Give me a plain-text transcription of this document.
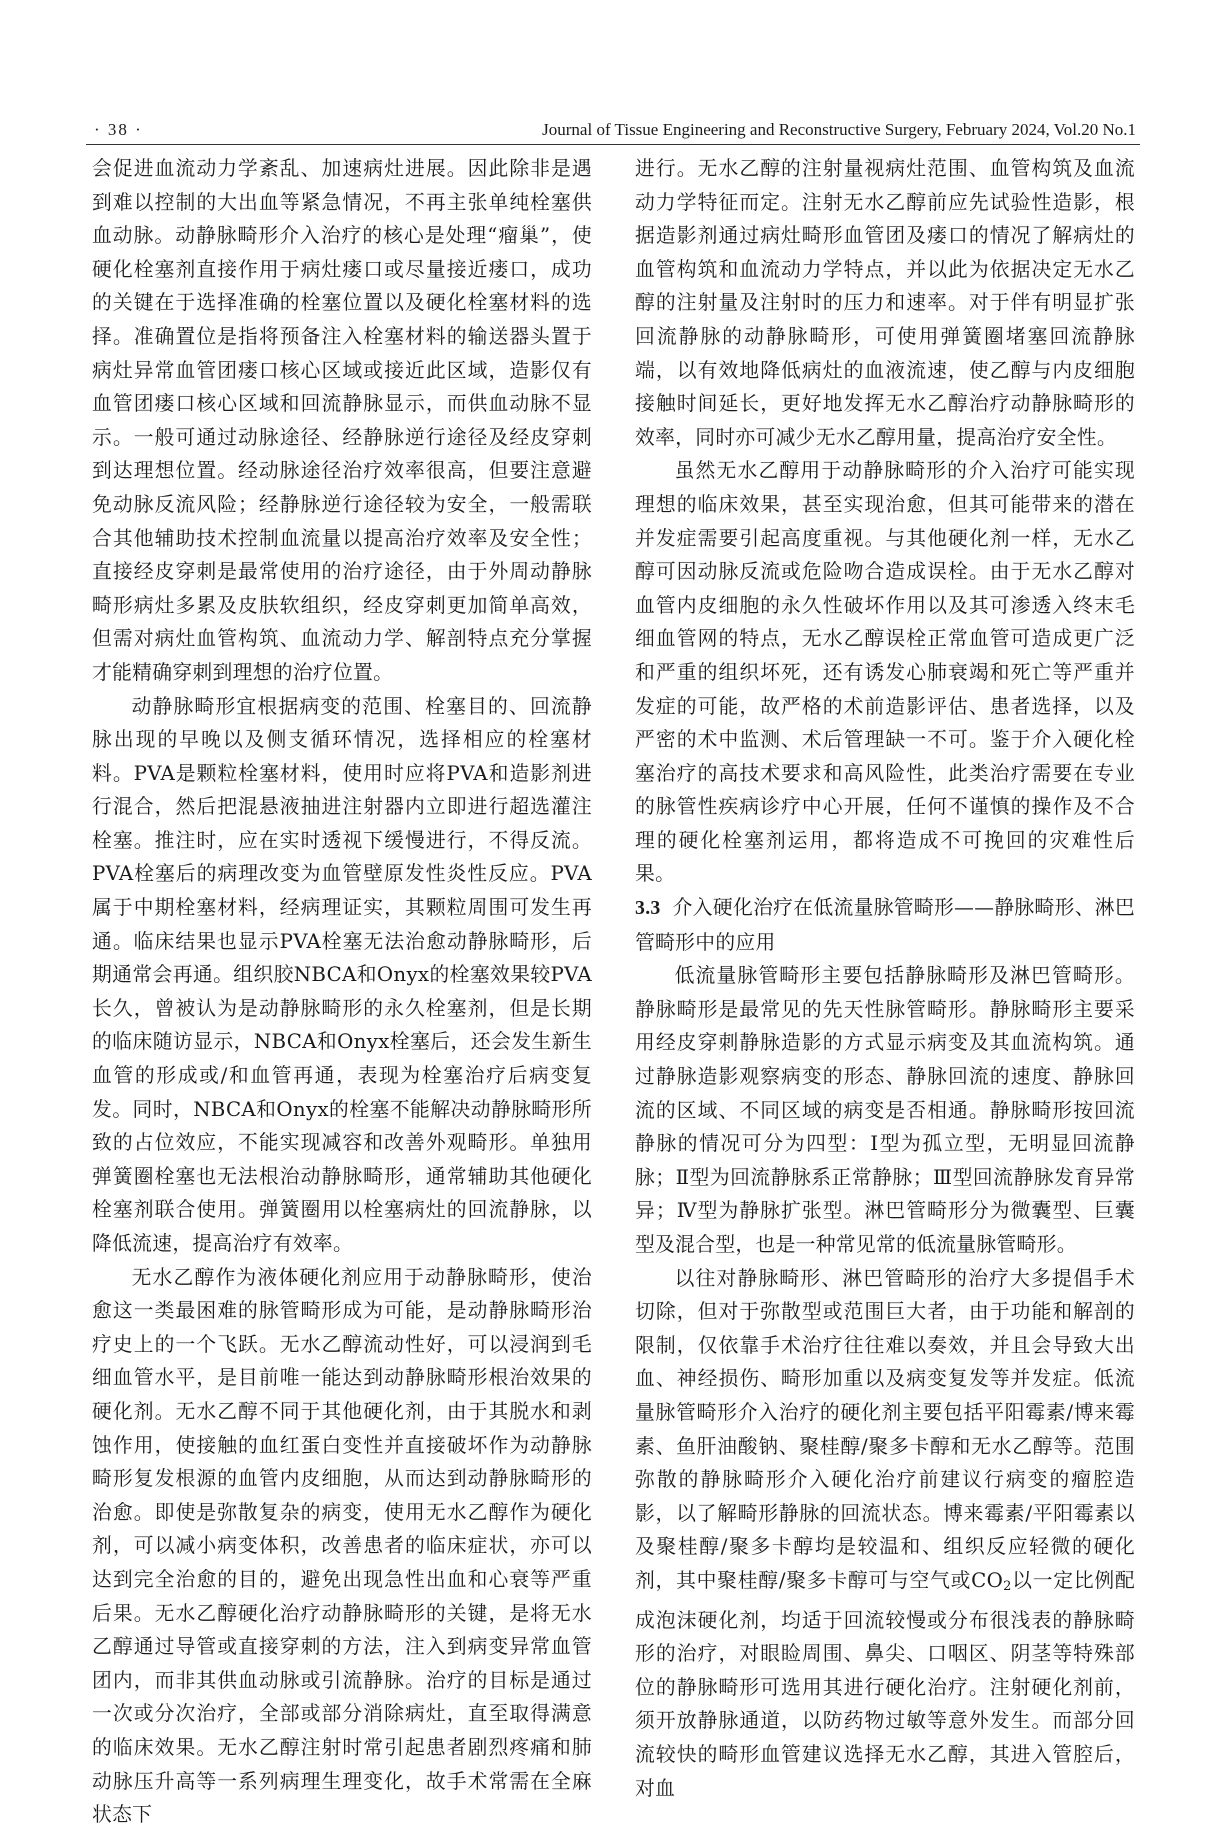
· 38 ·	Journal of Tissue Engineering and Reconstructive Surgery, February 2024, Vol.20 No.1

会促进血流动力学紊乱、加速病灶进展。因此除非是遇到难以控制的大出血等紧急情况，不再主张单纯栓塞供血动脉。动静脉畸形介入治疗的核心是处理“瘤巢”，使硬化栓塞剂直接作用于病灶瘘口或尽量接近瘘口，成功的关键在于选择准确的栓塞位置以及硬化栓塞材料的选择。准确置位是指将预备注入栓塞材料的输送器头置于病灶异常血管团瘘口核心区域或接近此区域，造影仅有血管团瘘口核心区域和回流静脉显示，而供血动脉不显示。一般可通过动脉途径、经静脉逆行途径及经皮穿刺到达理想位置。经动脉途径治疗效率很高，但要注意避免动脉反流风险；经静脉逆行途径较为安全，一般需联合其他辅助技术控制血流量以提高治疗效率及安全性；直接经皮穿刺是最常使用的治疗途径，由于外周动静脉畸形病灶多累及皮肤软组织，经皮穿刺更加简单高效，但需对病灶血管构筑、血流动力学、解剖特点充分掌握才能精确穿刺到理想的治疗位置。

动静脉畸形宜根据病变的范围、栓塞目的、回流静脉出现的早晚以及侧支循环情况，选择相应的栓塞材料。PVA是颗粒栓塞材料，使用时应将PVA和造影剂进行混合，然后把混悬液抽进注射器内立即进行超选灌注栓塞。推注时，应在实时透视下缓慢进行，不得反流。PVA栓塞后的病理改变为血管壁原发性炎性反应。PVA属于中期栓塞材料，经病理证实，其颗粒周围可发生再通。临床结果也显示PVA栓塞无法治愈动静脉畸形，后期通常会再通。组织胶NBCA和Onyx的栓塞效果较PVA长久，曾被认为是动静脉畸形的永久栓塞剂，但是长期的临床随访显示，NBCA和Onyx栓塞后，还会发生新生血管的形成或/和血管再通，表现为栓塞治疗后病变复发。同时，NBCA和Onyx的栓塞不能解决动静脉畸形所致的占位效应，不能实现减容和改善外观畸形。单独用弹簧圈栓塞也无法根治动静脉畸形，通常辅助其他硬化栓塞剂联合使用。弹簧圈用以栓塞病灶的回流静脉，以降低流速，提高治疗有效率。

无水乙醇作为液体硬化剂应用于动静脉畸形，使治愈这一类最困难的脉管畸形成为可能，是动静脉畸形治疗史上的一个飞跃。无水乙醇流动性好，可以浸润到毛细血管水平，是目前唯一能达到动静脉畸形根治效果的硬化剂。无水乙醇不同于其他硬化剂，由于其脱水和剥蚀作用，使接触的血红蛋白变性并直接破坏作为动静脉畸形复发根源的血管内皮细胞，从而达到动静脉畸形的治愈。即使是弥散复杂的病变，使用无水乙醇作为硬化剂，可以减小病变体积，改善患者的临床症状，亦可以达到完全治愈的目的，避免出现急性出血和心衰等严重后果。无水乙醇硬化治疗动静脉畸形的关键，是将无水乙醇通过导管或直接穿刺的方法，注入到病变异常血管团内，而非其供血动脉或引流静脉。治疗的目标是通过一次或分次治疗，全部或部分消除病灶，直至取得满意的临床效果。无水乙醇注射时常引起患者剧烈疼痛和肺动脉压升高等一系列病理生理变化，故手术常需在全麻状态下

进行。无水乙醇的注射量视病灶范围、血管构筑及血流动力学特征而定。注射无水乙醇前应先试验性造影，根据造影剂通过病灶畸形血管团及瘘口的情况了解病灶的血管构筑和血流动力学特点，并以此为依据决定无水乙醇的注射量及注射时的压力和速率。对于伴有明显扩张回流静脉的动静脉畸形，可使用弹簧圈堵塞回流静脉端，以有效地降低病灶的血液流速，使乙醇与内皮细胞接触时间延长，更好地发挥无水乙醇治疗动静脉畸形的效率，同时亦可减少无水乙醇用量，提高治疗安全性。

虽然无水乙醇用于动静脉畸形的介入治疗可能实现理想的临床效果，甚至实现治愈，但其可能带来的潜在并发症需要引起高度重视。与其他硬化剂一样，无水乙醇可因动脉反流或危险吻合造成误栓。由于无水乙醇对血管内皮细胞的永久性破坏作用以及其可渗透入终末毛细血管网的特点，无水乙醇误栓正常血管可造成更广泛和严重的组织坏死，还有诱发心肺衰竭和死亡等严重并发症的可能，故严格的术前造影评估、患者选择，以及严密的术中监测、术后管理缺一不可。鉴于介入硬化栓塞治疗的高技术要求和高风险性，此类治疗需要在专业的脉管性疾病诊疗中心开展，任何不谨慎的操作及不合理的硬化栓塞剂运用，都将造成不可挽回的灾难性后果。

3.3 介入硬化治疗在低流量脉管畸形——静脉畸形、淋巴管畸形中的应用

低流量脉管畸形主要包括静脉畸形及淋巴管畸形。静脉畸形是最常见的先天性脉管畸形。静脉畸形主要采用经皮穿刺静脉造影的方式显示病变及其血流构筑。通过静脉造影观察病变的形态、静脉回流的速度、静脉回流的区域、不同区域的病变是否相通。静脉畸形按回流静脉的情况可分为四型：Ⅰ型为孤立型，无明显回流静脉；Ⅱ型为回流静脉系正常静脉；Ⅲ型回流静脉发育异常异；Ⅳ型为静脉扩张型。淋巴管畸形分为微囊型、巨囊型及混合型，也是一种常见常的低流量脉管畸形。

以往对静脉畸形、淋巴管畸形的治疗大多提倡手术切除，但对于弥散型或范围巨大者，由于功能和解剖的限制，仅依靠手术治疗往往难以奏效，并且会导致大出血、神经损伤、畸形加重以及病变复发等并发症。低流量脉管畸形介入治疗的硬化剂主要包括平阳霉素/博来霉素、鱼肝油酸钠、聚桂醇/聚多卡醇和无水乙醇等。范围弥散的静脉畸形介入硬化治疗前建议行病变的瘤腔造影，以了解畸形静脉的回流状态。博来霉素/平阳霉素以及聚桂醇/聚多卡醇均是较温和、组织反应轻微的硬化剂，其中聚桂醇/聚多卡醇可与空气或$CO_2$以一定比例配成泡沫硬化剂，均适于回流较慢或分布很浅表的静脉畸形的治疗，对眼睑周围、鼻尖、口咽区、阴茎等特殊部位的静脉畸形可选用其进行硬化治疗。注射硬化剂前，须开放静脉通道，以防药物过敏等意外发生。而部分回流较快的畸形血管建议选择无水乙醇，其进入管腔后，对血
